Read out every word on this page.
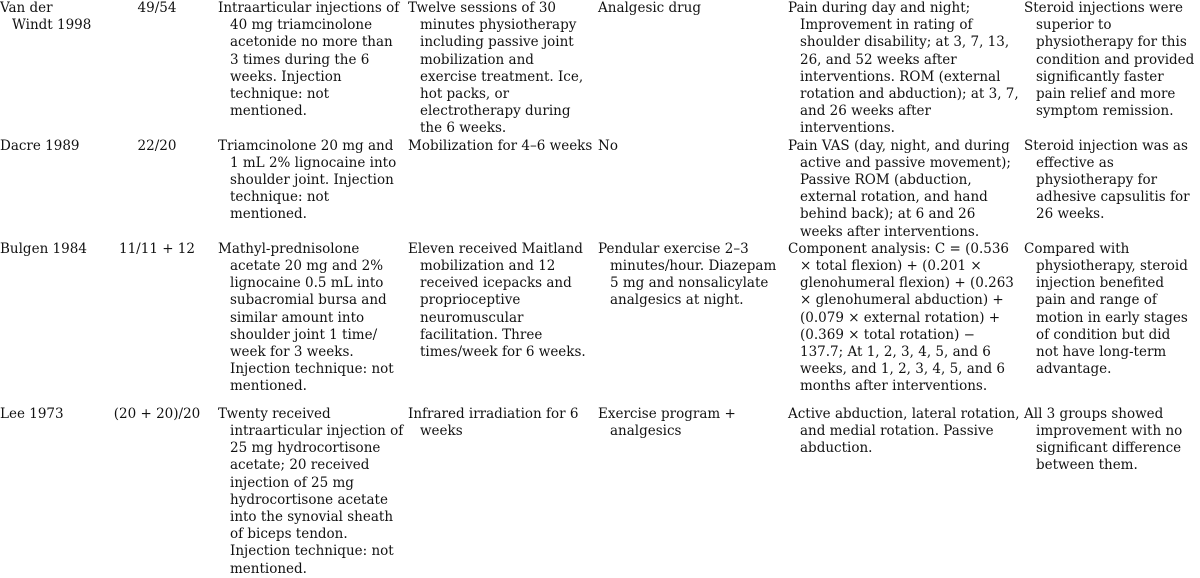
Van der Windt 1998	49/54	Intraarticular injections of 40 mg triamcinolone acetonide no more than 3 times during the 6 weeks. Injection technique: not mentioned.	Twelve sessions of 30 minutes physiotherapy including passive joint mobilization and exercise treatment. Ice, hot packs, or electrotherapy during the 6 weeks.	Analgesic drug	Pain during day and night; Improvement in rating of shoulder disability; at 3, 7, 13, 26, and 52 weeks after interventions. ROM (external rotation and abduction); at 3, 7, and 26 weeks after interventions.	Steroid injections were superior to physiotherapy for this condition and provided significantly faster pain relief and more symptom remission.

Dacre 1989	22/20	Triamcinolone 20 mg and 1 mL 2% lignocaine into shoulder joint. Injection technique: not mentioned.	Mobilization for 4–6 weeks	No	Pain VAS (day, night, and during active and passive movement); Passive ROM (abduction, external rotation, and hand behind back); at 6 and 26 weeks after interventions.	Steroid injection was as effective as physiotherapy for adhesive capsulitis for 26 weeks.

Bulgen 1984	11/11 + 12	Mathyl-prednisolone acetate 20 mg and 2% lignocaine 0.5 mL into subacromial bursa and similar amount into shoulder joint 1 time/ week for 3 weeks. Injection technique: not mentioned.	Eleven received Maitland mobilization and 12 received icepacks and proprioceptive neuromuscular facilitation. Three times/week for 6 weeks.	Pendular exercise 2–3 minutes/hour. Diazepam 5 mg and nonsalicylate analgesics at night.	Component analysis: C = (0.536 × total flexion) + (0.201 × glenohumeral flexion) + (0.263 × glenohumeral abduction) + (0.079 × external rotation) + (0.369 × total rotation) − 137.7; At 1, 2, 3, 4, 5, and 6 weeks, and 1, 2, 3, 4, 5, and 6 months after interventions.	Compared with physiotherapy, steroid injection benefited pain and range of motion in early stages of condition but did not have long-term advantage.

Lee 1973	(20 + 20)/20	Twenty received intraarticular injection of 25 mg hydrocortisone acetate; 20 received injection of 25 mg hydrocortisone acetate into the synovial sheath of biceps tendon. Injection technique: not mentioned.	Infrared irradiation for 6 weeks	Exercise program + analgesics	Active abduction, lateral rotation, and medial rotation. Passive abduction.	All 3 groups showed improvement with no significant difference between them.
